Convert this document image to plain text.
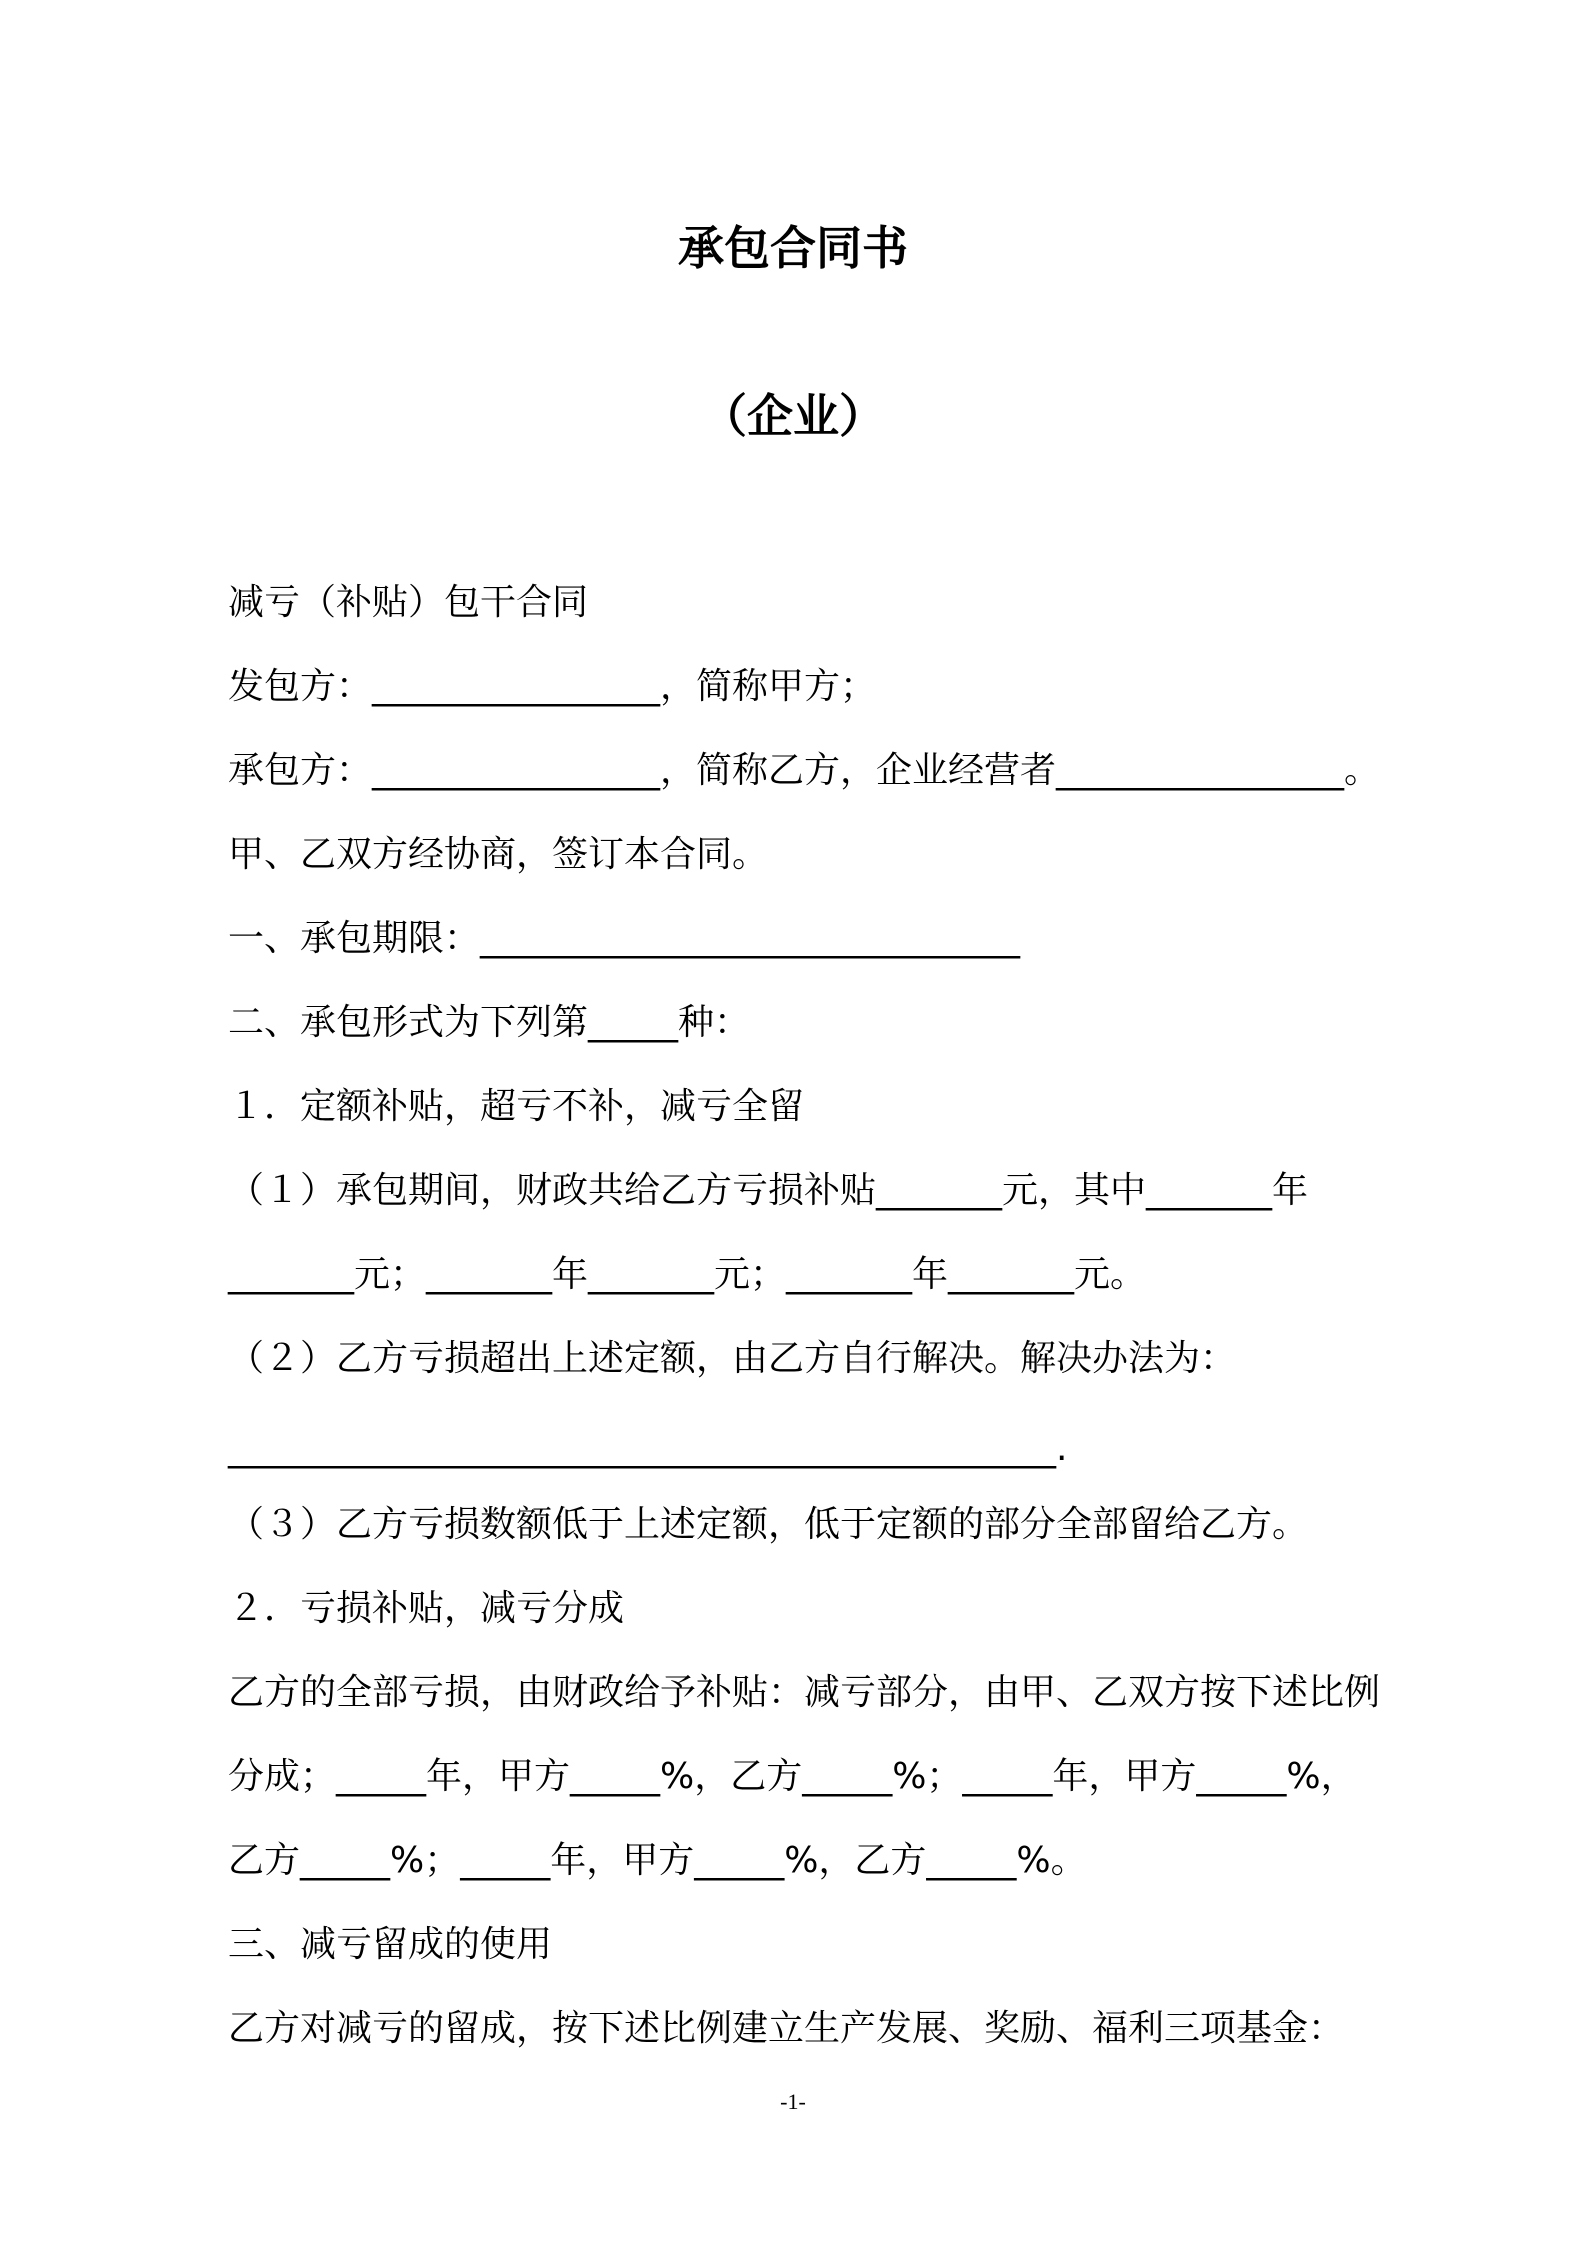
承包合同书
（企业）
减亏（补贴）包干合同
发包方：________________，简称甲方；
承包方：________________，简称乙方，企业经营者________________。
甲、乙双方经协商，签订本合同。
一、承包期限：______________________________
二、承包形式为下列第_____种：
１．定额补贴，超亏不补，减亏全留
（１）承包期间，财政共给乙方亏损补贴_______元，其中_______年
_______元；_______年_______元；_______年_______元。
（２）乙方亏损超出上述定额，由乙方自行解决。解决办法为：
______________________________________________.
（３）乙方亏损数额低于上述定额，低于定额的部分全部留给乙方。
２．亏损补贴，减亏分成
乙方的全部亏损，由财政给予补贴：减亏部分，由甲、乙双方按下述比例
分成；_____年，甲方_____%，乙方_____%；_____年，甲方_____%，
乙方_____%；_____年，甲方_____%，乙方_____%。
三、减亏留成的使用
乙方对减亏的留成，按下述比例建立生产发展、奖励、福利三项基金：
-1-
